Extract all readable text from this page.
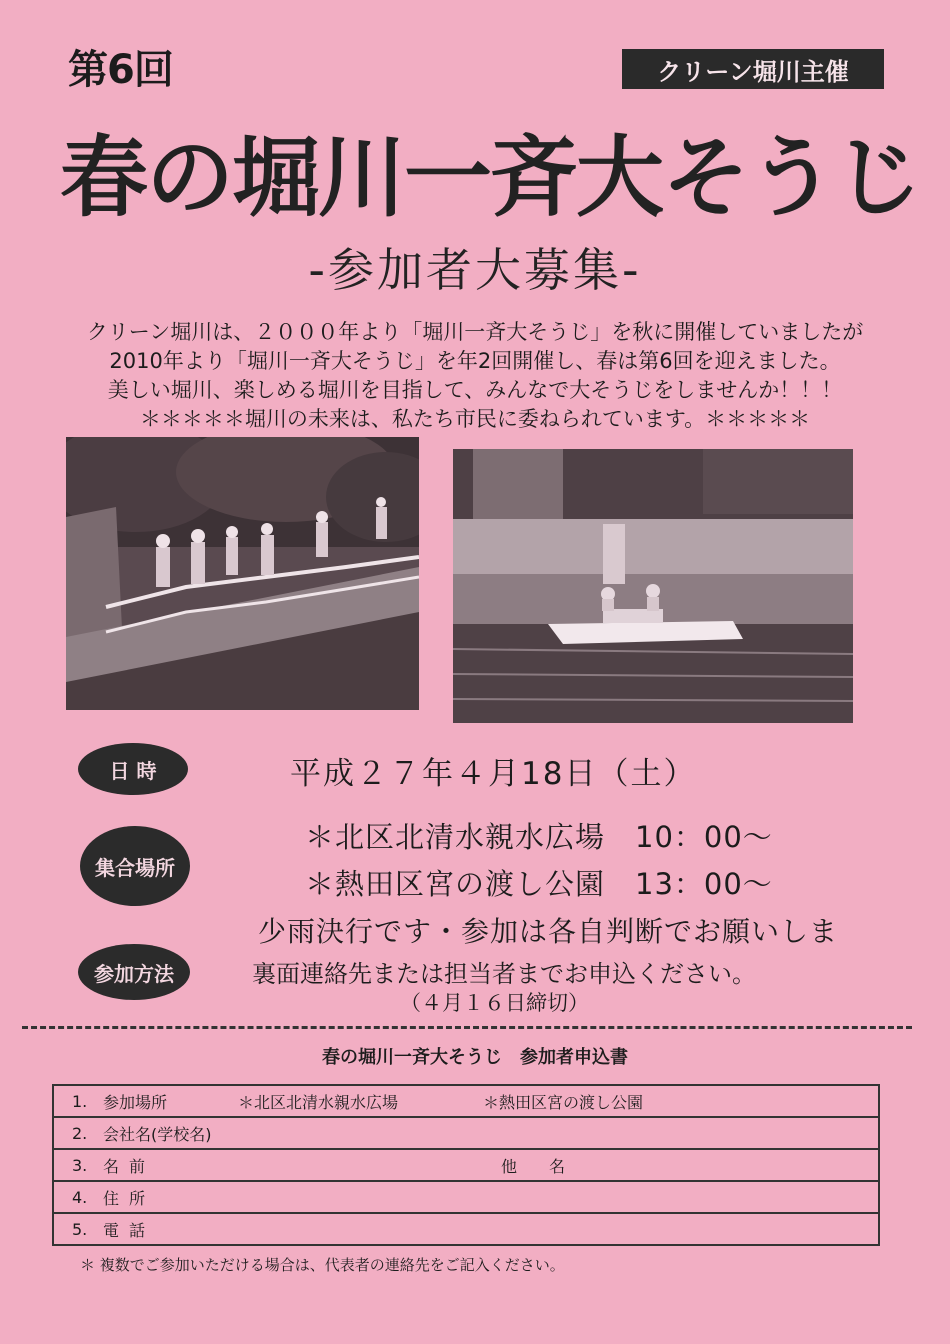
第6回	クリーン堀川主催
春の堀川一斉大そうじ
-参加者大募集-
クリーン堀川は、２０００年より「堀川一斉大そうじ」を秋に開催していましたが
2010年より「堀川一斉大そうじ」を年2回開催し、春は第6回を迎えました。
美しい堀川、楽しめる堀川を目指して、みんなで大そうじをしませんか！！！
＊＊＊＊＊堀川の未来は、私たち市民に委ねられています。＊＊＊＊＊
日 時	平成２７年４月18日（土）
集合場所
＊北区北清水親水広場　10：00～
＊熱田区宮の渡し公園　13：00～
少雨決行です・参加は各自判断でお願いしま
参加方法	裏面連絡先または担当者までお申込ください。
（４月１６日締切）
春の堀川一斉大そうじ　参加者申込書
1.	参加場所	＊北区北清水親水広場	＊熱田区宮の渡し公園
2.	会社名(学校名)		
3.	名前		他　　名
4.	住所		
5.	電話		
＊ 複数でご参加いただける場合は、代表者の連絡先をご記入ください。
